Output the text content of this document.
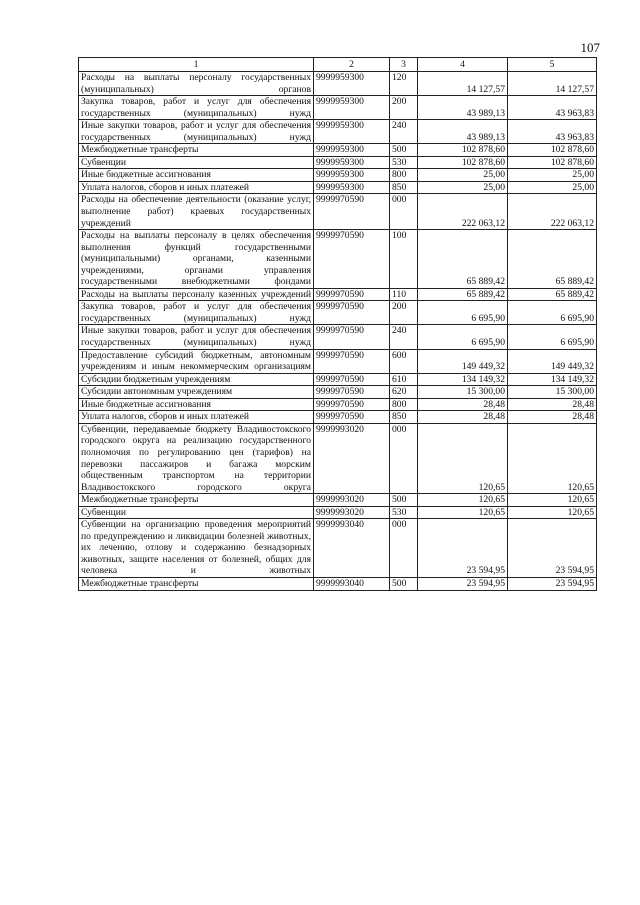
107
1	2	3	4	5
Расходы на выплаты персоналу государственных (муниципальных) органов	9999959300	120	14 127,57	14 127,57
Закупка товаров, работ и услуг для обеспечения государственных (муниципальных) нужд	9999959300	200	43 989,13	43 963,83
Иные закупки товаров, работ и услуг для обеспечения государственных (муниципальных) нужд	9999959300	240	43 989,13	43 963,83
Межбюджетные трансферты	9999959300	500	102 878,60	102 878,60
Субвенции	9999959300	530	102 878,60	102 878,60
Иные бюджетные ассигнования	9999959300	800	25,00	25,00
Уплата налогов, сборов и иных платежей	9999959300	850	25,00	25,00
Расходы на обеспечение деятельности (оказание услуг, выполнение работ) краевых государственных учреждений	9999970590	000	222 063,12	222 063,12
Расходы на выплаты персоналу в целях обеспечения выполнения функций государственными (муниципальными) органами, казенными учреждениями, органами управления государственными внебюджетными фондами	9999970590	100	65 889,42	65 889,42
Расходы на выплаты персоналу казенных учреждений	9999970590	110	65 889,42	65 889,42
Закупка товаров, работ и услуг для обеспечения государственных (муниципальных) нужд	9999970590	200	6 695,90	6 695,90
Иные закупки товаров, работ и услуг для обеспечения государственных (муниципальных) нужд	9999970590	240	6 695,90	6 695,90
Предоставление субсидий бюджетным, автономным учреждениям и иным некоммерческим организациям	9999970590	600	149 449,32	149 449,32
Субсидии бюджетным учреждениям	9999970590	610	134 149,32	134 149,32
Субсидии автономным учреждениям	9999970590	620	15 300,00	15 300,00
Иные бюджетные ассигнования	9999970590	800	28,48	28,48
Уплата налогов, сборов и иных платежей	9999970590	850	28,48	28,48
Субвенции, передаваемые бюджету Владивостокского городского округа на реализацию государственного полномочия по регулированию цен (тарифов) на перевозки пассажиров и багажа морским общественным транспортом на территории Владивостокского городского округа	9999993020	000	120,65	120,65
Межбюджетные трансферты	9999993020	500	120,65	120,65
Субвенции	9999993020	530	120,65	120,65
Субвенции на организацию проведения мероприятий по предупреждению и ликвидации болезней животных, их лечению, отлову и содержанию безнадзорных животных, защите населения от болезней, общих для человека и животных	9999993040	000	23 594,95	23 594,95
Межбюджетные трансферты	9999993040	500	23 594,95	23 594,95
